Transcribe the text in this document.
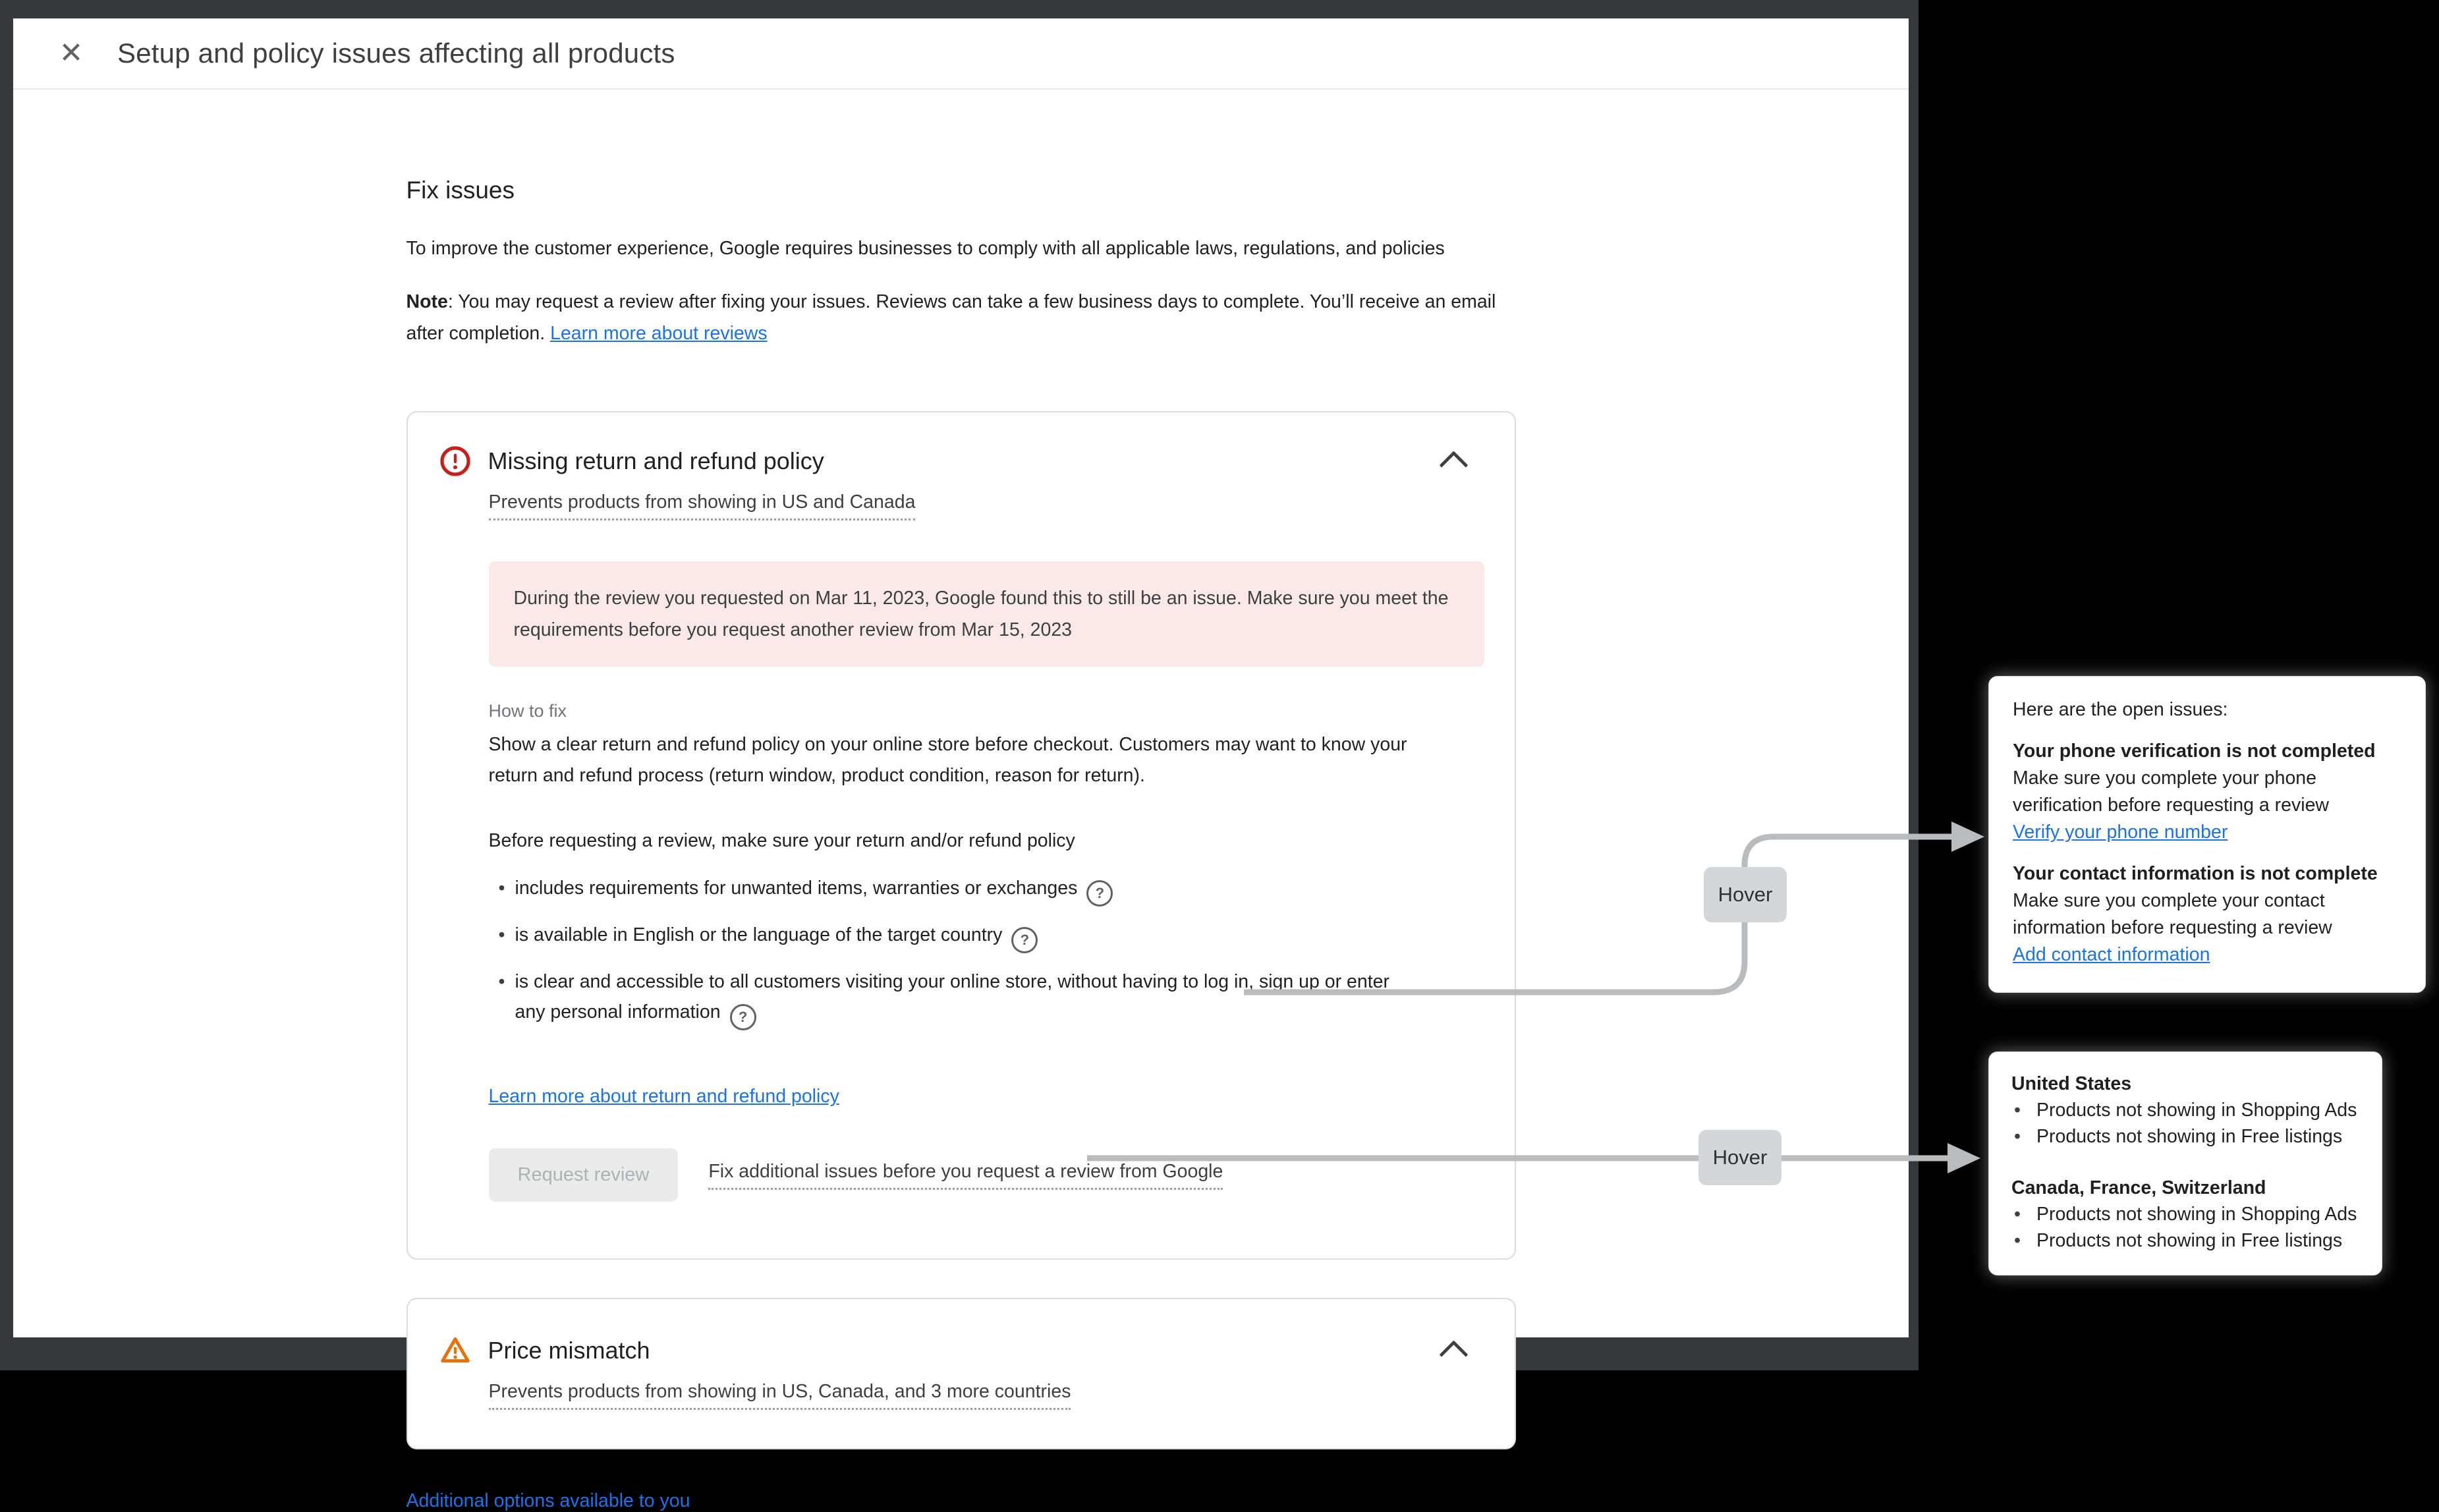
✕ Setup and policy issues affecting all products
Fix issues
To improve the customer experience, Google requires businesses to comply with all applicable laws, regulations, and policies
Note: You may request a review after fixing your issues. Reviews can take a few business days to complete. You’ll receive an email after completion. Learn more about reviews
Missing return and refund policy
Prevents products from showing in US and Canada
During the review you requested on Mar 11, 2023, Google found this to still be an issue. Make sure you meet the requirements before you request another review from Mar 15, 2023
How to fix
Show a clear return and refund policy on your online store before checkout. Customers may want to know your return and refund process (return window, product condition, reason for return).
Before requesting a review, make sure your return and/or refund policy
• includes requirements for unwanted items, warranties or exchanges ?
• is available in English or the language of the target country ?
• is clear and accessible to all customers visiting your online store, without having to log in, sign up or enter any personal information ?
Learn more about return and refund policy
Request review	Fix additional issues before you request a review from Google
Price mismatch
Prevents products from showing in US, Canada, and 3 more countries
Additional options available to you
Here are the open issues:
Your phone verification is not completed
Make sure you complete your phone verification before requesting a review
Verify your phone number
Your contact information is not complete
Make sure you complete your contact information before requesting a review
Add contact information
United States
• Products not showing in Shopping Ads
• Products not showing in Free listings
Canada, France, Switzerland
• Products not showing in Shopping Ads
• Products not showing in Free listings
Hover
Hover
